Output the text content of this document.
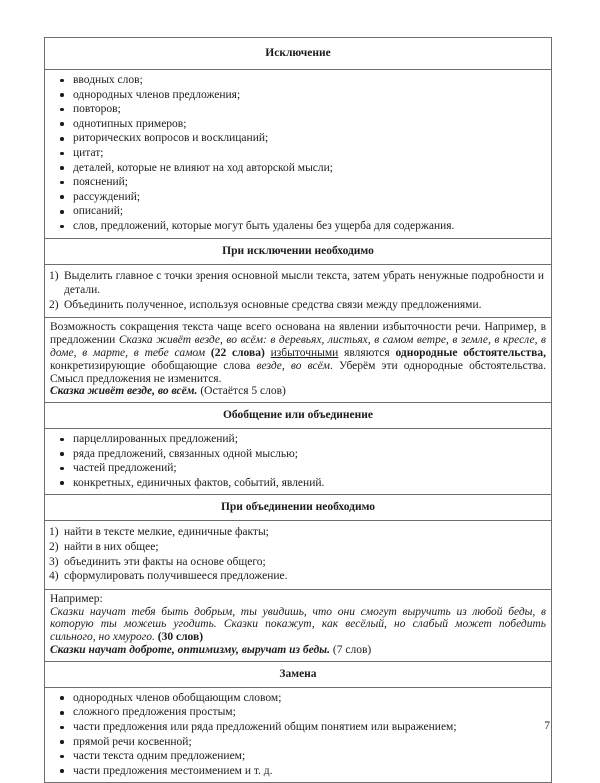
Исключение
вводных слов;
однородных членов предложения;
повторов;
однотипных примеров;
риторических вопросов и восклицаний;
цитат;
деталей, которые не влияют на ход авторской мысли;
пояснений;
рассуждений;
описаний;
слов, предложений, которые могут быть удалены без ущерба для содержания.
При исключении необходимо
1) Выделить главное с точки зрения основной мысли текста, затем убрать ненужные подробности и детали.
2) Объединить полученное, используя основные средства связи между предложениями.

Возможность сокращения текста чаще всего основана на явлении избыточности речи. Например, в предложении Сказка живёт везде, во всём: в деревьях, листьях, в самом ветре, в земле, в кресле, в доме, в марте, в тебе самом (22 слова) избыточными являются однородные обстоятельства, конкретизирующие обобщающие слова везде, во всём. Уберём эти однородные обстоятельства. Смысл предложения не изменится.

Сказка живёт везде, во всём. (Остаётся 5 слов)

Обобщение или объединение
парцеллированных предложений;
ряда предложений, связанных одной мыслью;
частей предложений;
конкретных, единичных фактов, событий, явлений.
При объединении необходимо
1) найти в тексте мелкие, единичные факты;
2) найти в них общее;
3) объединить эти факты на основе общего;
4) сформулировать получившееся предложение.

Например:

Сказки научат тебя быть добрым, ты увидишь, что они смогут выручить из любой беды, в которую ты можешь угодить. Сказки покажут, как весёлый, но слабый может победить сильного, но хмурого. (30 слов)

Сказки научат доброте, оптимизму, выручат из беды. (7 слов)

Замена
однородных членов обобщающим словом;
сложного предложения простым;
части предложения или ряда предложений общим понятием или выражением;
прямой речи косвенной;
части текста одним предложением;
части предложения местоимением и т. д.
7
